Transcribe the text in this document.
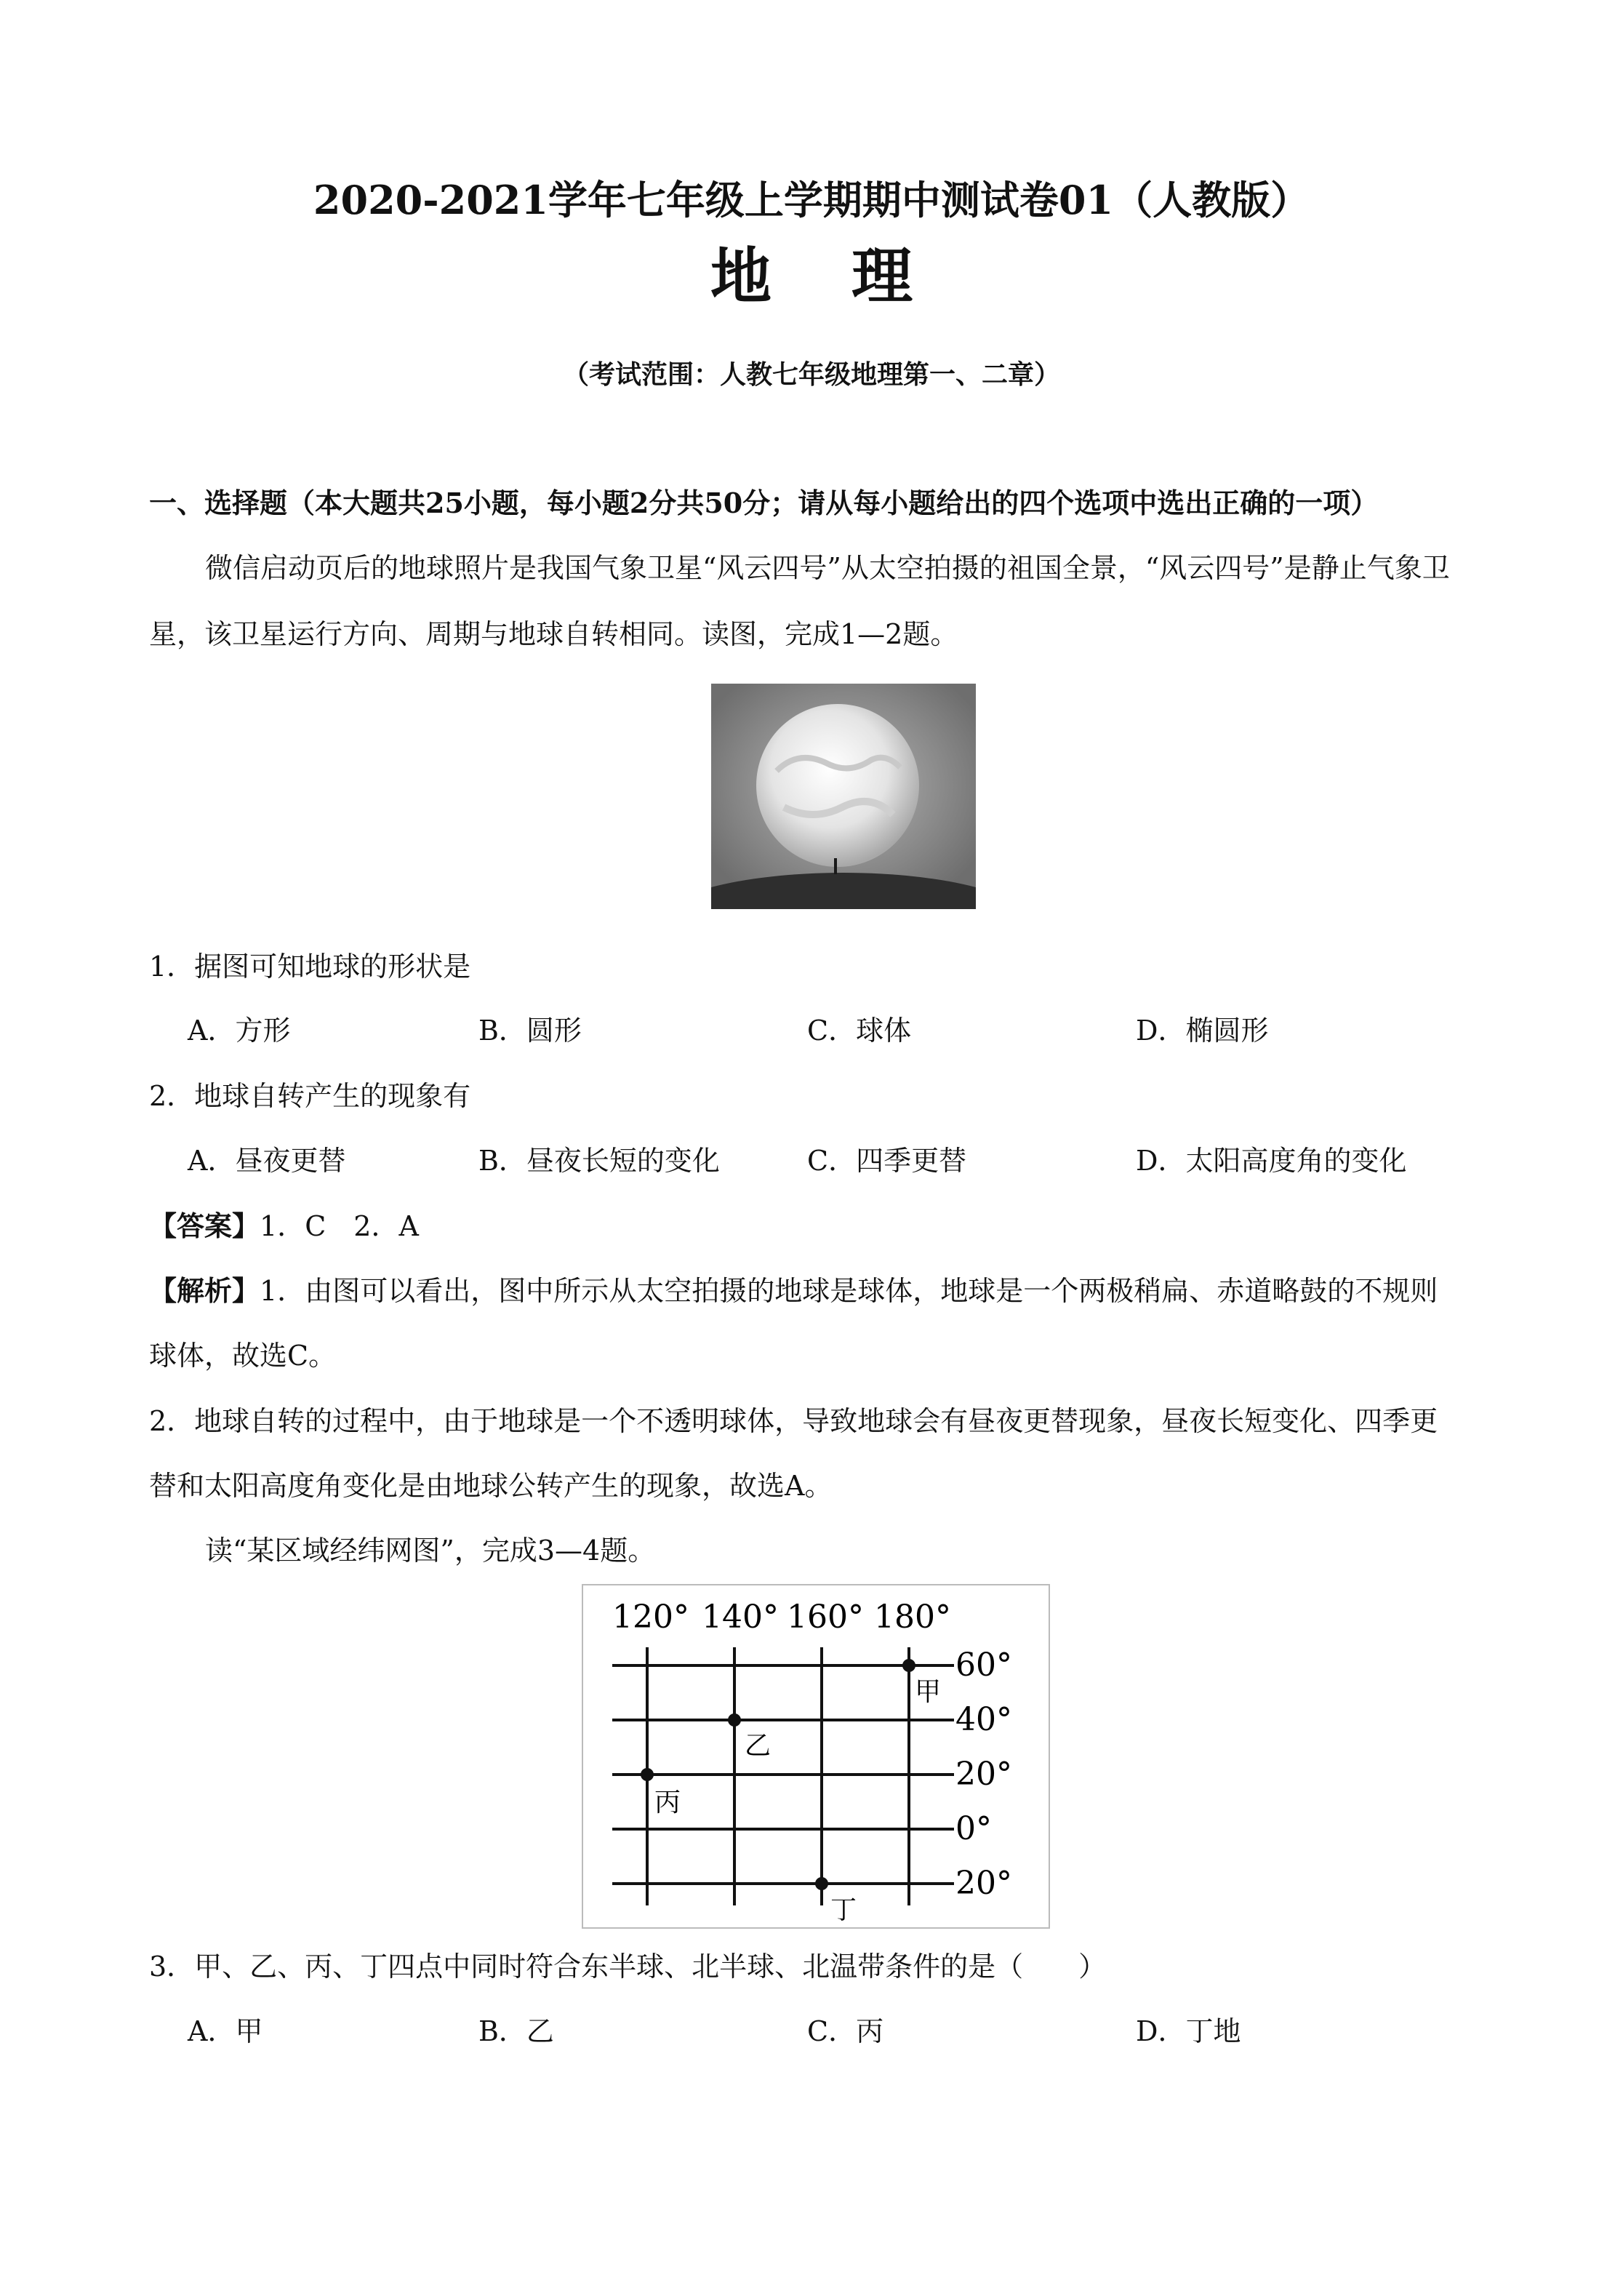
2020-2021学年七年级上学期期中测试卷01（人教版）
地理
（考试范围：人教七年级地理第一、二章）
一、选择题（本大题共25小题，每小题2分共50分；请从每小题给出的四个选项中选出正确的一项）
微信启动页后的地球照片是我国气象卫星“风云四号”从太空拍摄的祖国全景，“风云四号”是静止气象卫
星，该卫星运行方向、周期与地球自转相同。读图，完成1—2题。
1．据图可知地球的形状是
A．方形	B．圆形	C．球体	D．椭圆形
2．地球自转产生的现象有
A．昼夜更替	B．昼夜长短的变化	C．四季更替	D．太阳高度角的变化
【答案】1．C　2．A
【解析】1．由图可以看出，图中所示从太空拍摄的地球是球体，地球是一个两极稍扁、赤道略鼓的不规则
球体，故选C。
2．地球自转的过程中，由于地球是一个不透明球体，导致地球会有昼夜更替现象，昼夜长短变化、四季更
替和太阳高度角变化是由地球公转产生的现象，故选A。
读“某区域经纬网图”，完成3—4题。
120° 140° 160° 180°
60°
40°
20°
0°
20°
甲
乙
丙
丁
3．甲、乙、丙、丁四点中同时符合东半球、北半球、北温带条件的是（　　）
A．甲	B．乙	C．丙	D．丁地
